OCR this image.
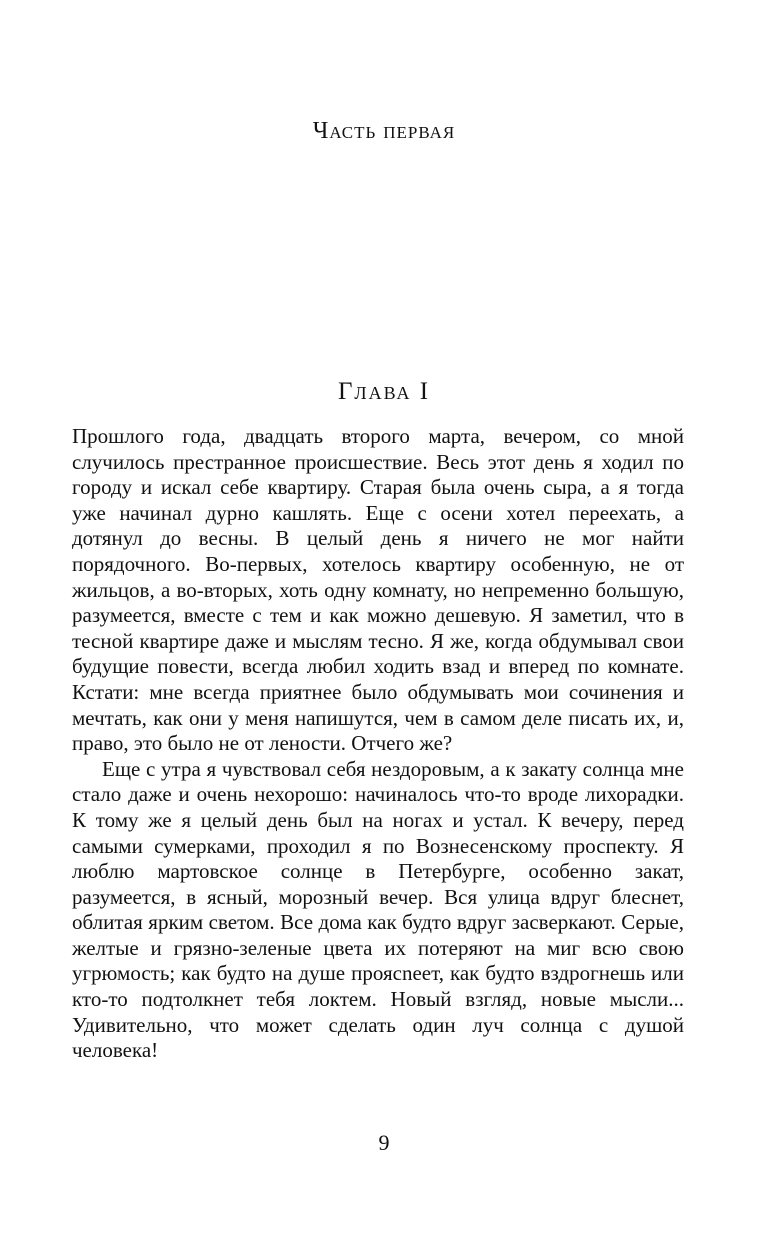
Часть первая
Глава I

Прошлого года, двадцать второго марта, вечером, со мной случилось престранное происшествие. Весь этот день я ходил по городу и искал себе квартиру. Старая была очень сыра, а я тогда уже начинал дурно кашлять. Еще с осени хотел переехать, а дотянул до весны. В целый день я ничего не мог найти порядочного. Во-первых, хотелось квартиру особенную, не от жильцов, а во-вторых, хоть одну комнату, но непременно большую, разумеется, вместе с тем и как можно дешевую. Я заметил, что в тесной квартире даже и мыслям тесно. Я же, когда обдумывал свои будущие повести, всегда любил ходить взад и вперед по комнате. Кстати: мне всегда приятнее было обдумывать мои сочинения и мечтать, как они у меня напишутся, чем в самом деле писать их, и, право, это было не от лености. Отчего же?

Еще с утра я чувствовал себя нездоровым, а к закату солнца мне стало даже и очень нехорошо: начиналось что-то вроде лихорадки. К тому же я целый день был на ногах и устал. К вечеру, перед самыми сумерками, проходил я по Вознесенскому проспекту. Я люблю мартовское солнце в Петербурге, особенно закат, разумеется, в ясный, морозный вечер. Вся улица вдруг блеснет, облитая ярким светом. Все дома как будто вдруг засверкают. Серые, желтые и грязно-зеленые цвета их потеряют на миг всю свою угрюмость; как будто на душе проясneет, как будто вздрогнешь или кто-то подтолкнет тебя локтем. Новый взгляд, новые мысли... Удивительно, что может сделать один луч солнца с душой человека!

9
